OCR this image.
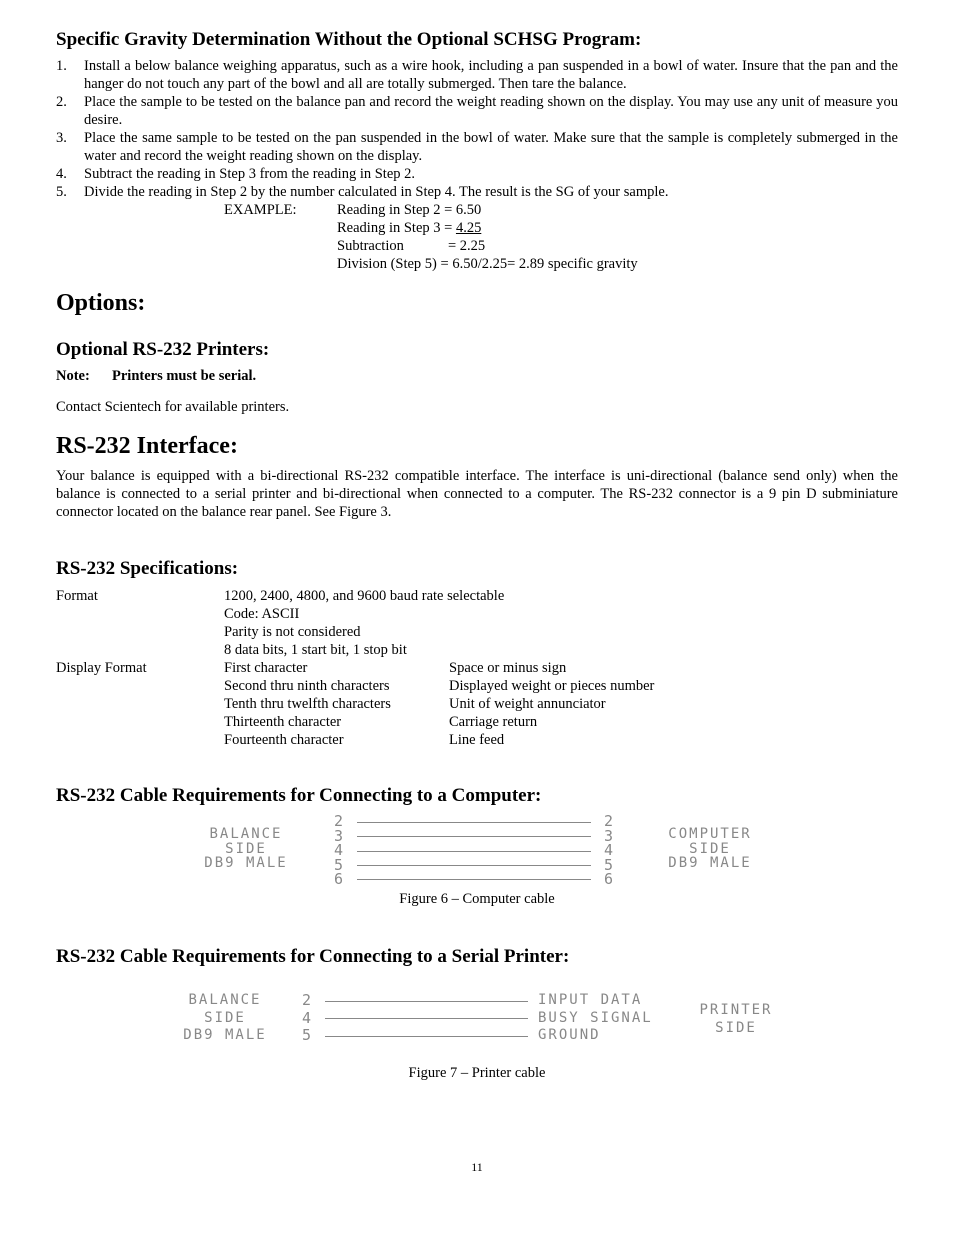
Specific Gravity Determination Without the Optional SCHSG Program:
1. Install a below balance weighing apparatus, such as a wire hook, including a pan suspended in a bowl of water. Insure that the pan and the hanger do not touch any part of the bowl and all are totally submerged. Then tare the balance.
2. Place the sample to be tested on the balance pan and record the weight reading shown on the display. You may use any unit of measure you desire.
3. Place the same sample to be tested on the pan suspended in the bowl of water. Make sure that the sample is completely submerged in the water and record the weight reading shown on the display.
4. Subtract the reading in Step 3 from the reading in Step 2.
5. Divide the reading in Step 2 by the number calculated in Step 4. The result is the SG of your sample.
EXAMPLE:	Reading in Step 2 = 6.50
Reading in Step 3 = 4.25
Subtraction	= 2.25
Division (Step 5) = 6.50/2.25= 2.89 specific gravity
Options:
Optional RS-232 Printers:
Note: Printers must be serial.
Contact Scientech for available printers.
RS-232 Interface:
Your balance is equipped with a bi-directional RS-232 compatible interface. The interface is uni-directional (balance send only) when the balance is connected to a serial printer and bi-directional when connected to a computer. The RS-232 connector is a 9 pin D subminiature connector located on the balance rear panel. See Figure 3.
RS-232 Specifications:
Format	1200, 2400, 4800, and 9600 baud rate selectable
Code: ASCII
Parity is not considered
8 data bits, 1 start bit, 1 stop bit
Display Format	First character	Space or minus sign
Second thru ninth characters	Displayed weight or pieces number
Tenth thru twelfth characters	Unit of weight annunciator
Thirteenth character	Carriage return
Fourteenth character	Line feed
RS-232 Cable Requirements for Connecting to a Computer:
BALANCE
SIDE
DB9 MALE
2
3
4
5
6
2
3
4
5
6
COMPUTER
SIDE
DB9 MALE
Figure 6 – Computer cable
RS-232 Cable Requirements for Connecting to a Serial Printer:
BALANCE
SIDE
DB9 MALE
2
4
5
INPUT DATA
BUSY SIGNAL
GROUND
PRINTER
SIDE
Figure 7 – Printer cable
11
